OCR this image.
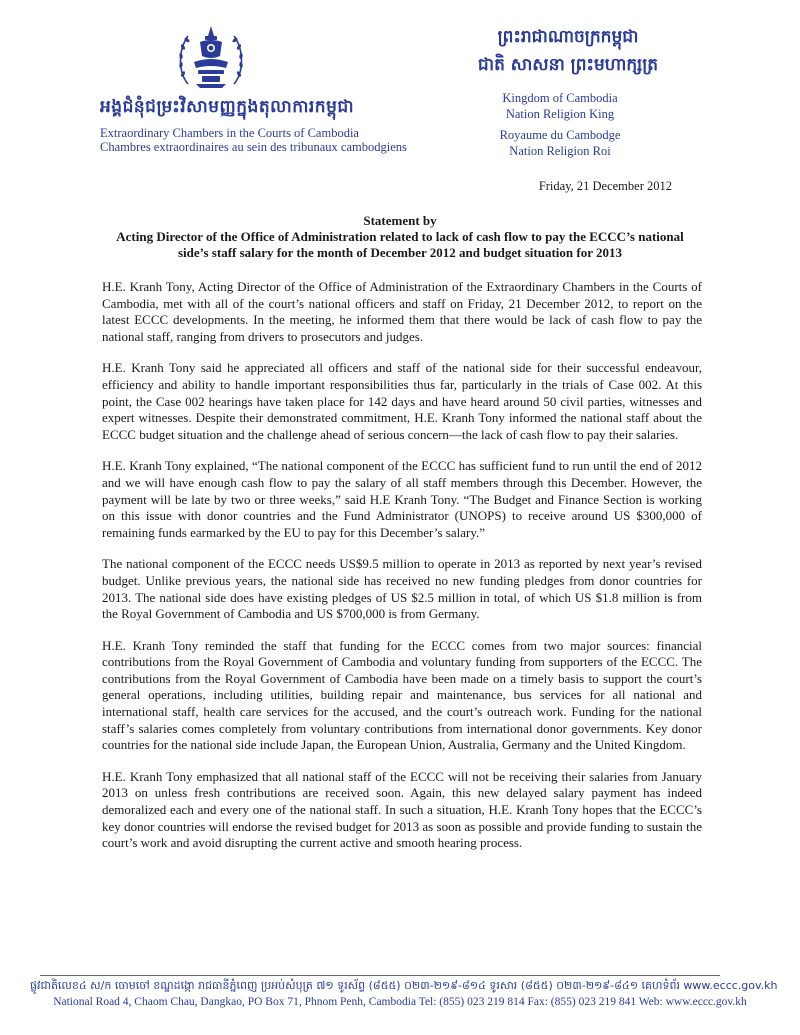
អង្គជំនុំជម្រះវិសាមញ្ញក្នុងតុលាការកម្ពុជា
Extraordinary Chambers in the Courts of Cambodia
Chambres extraordinaires au sein des tribunaux cambodgiens
ព្រះរាជាណាចក្រកម្ពុជា
ជាតិ សាសនា ព្រះមហាក្សត្រ
Kingdom of Cambodia
Nation Religion King
Royaume du Cambodge
Nation Religion Roi
Friday, 21 December 2012
Statement by
Acting Director of the Office of Administration related to lack of cash flow to pay the ECCC’s national side’s staff salary for the month of December 2012 and budget situation for 2013

H.E. Kranh Tony, Acting Director of the Office of Administration of the Extraordinary Chambers in the Courts of Cambodia, met with all of the court’s national officers and staff on Friday, 21 December 2012, to report on the latest ECCC developments. In the meeting, he informed them that there would be lack of cash flow to pay the national staff, ranging from drivers to prosecutors and judges.

H.E. Kranh Tony said he appreciated all officers and staff of the national side for their successful endeavour, efficiency and ability to handle important responsibilities thus far, particularly in the trials of Case 002. At this point, the Case 002 hearings have taken place for 142 days and have heard around 50 civil parties, witnesses and expert witnesses. Despite their demonstrated commitment, H.E. Kranh Tony informed the national staff about the ECCC budget situation and the challenge ahead of serious concern—the lack of cash flow to pay their salaries.

H.E. Kranh Tony explained, “The national component of the ECCC has sufficient fund to run until the end of 2012 and we will have enough cash flow to pay the salary of all staff members through this December. However, the payment will be late by two or three weeks,” said H.E Kranh Tony. “The Budget and Finance Section is working on this issue with donor countries and the Fund Administrator (UNOPS) to receive around US $300,000 of remaining funds earmarked by the EU to pay for this December’s salary.”

The national component of the ECCC needs US$9.5 million to operate in 2013 as reported by next year’s revised budget. Unlike previous years, the national side has received no new funding pledges from donor countries for 2013. The national side does have existing pledges of US $2.5 million in total, of which US $1.8 million is from the Royal Government of Cambodia and US $700,000 is from Germany.

H.E. Kranh Tony reminded the staff that funding for the ECCC comes from two major sources: financial contributions from the Royal Government of Cambodia and voluntary funding from supporters of the ECCC. The contributions from the Royal Government of Cambodia have been made on a timely basis to support the court’s general operations, including utilities, building repair and maintenance, bus services for all national and international staff, health care services for the accused, and the court’s outreach work. Funding for the national staff’s salaries comes completely from voluntary contributions from international donor governments. Key donor countries for the national side include Japan, the European Union, Australia, Germany and the United Kingdom.

H.E. Kranh Tony emphasized that all national staff of the ECCC will not be receiving their salaries from January 2013 on unless fresh contributions are received soon. Again, this new delayed salary payment has indeed demoralized each and every one of the national staff. In such a situation, H.E. Kranh Tony hopes that the ECCC’s key donor countries will endorse the revised budget for 2013 as soon as possible and provide funding to sustain the court’s work and avoid disrupting the current active and smooth hearing process.

ផ្លូវជាតិលេខ៤ ស/ក ចោមចៅ ខណ្ឌដង្កោ រាជធានីភ្នំពេញ ប្រអប់សំបុត្រ ៧១ ទូរស័ព្ទ (៨៥៥) ០២៣-២១៩-៨១៤ ទូរសារ (៨៥៥) ០២៣-២១៩-៨៤១ គេហទំព័រ www.eccc.gov.kh
National Road 4, Chaom Chau, Dangkao, PO Box 71, Phnom Penh, Cambodia Tel: (855) 023 219 814 Fax: (855) 023 219 841 Web: www.eccc.gov.kh
